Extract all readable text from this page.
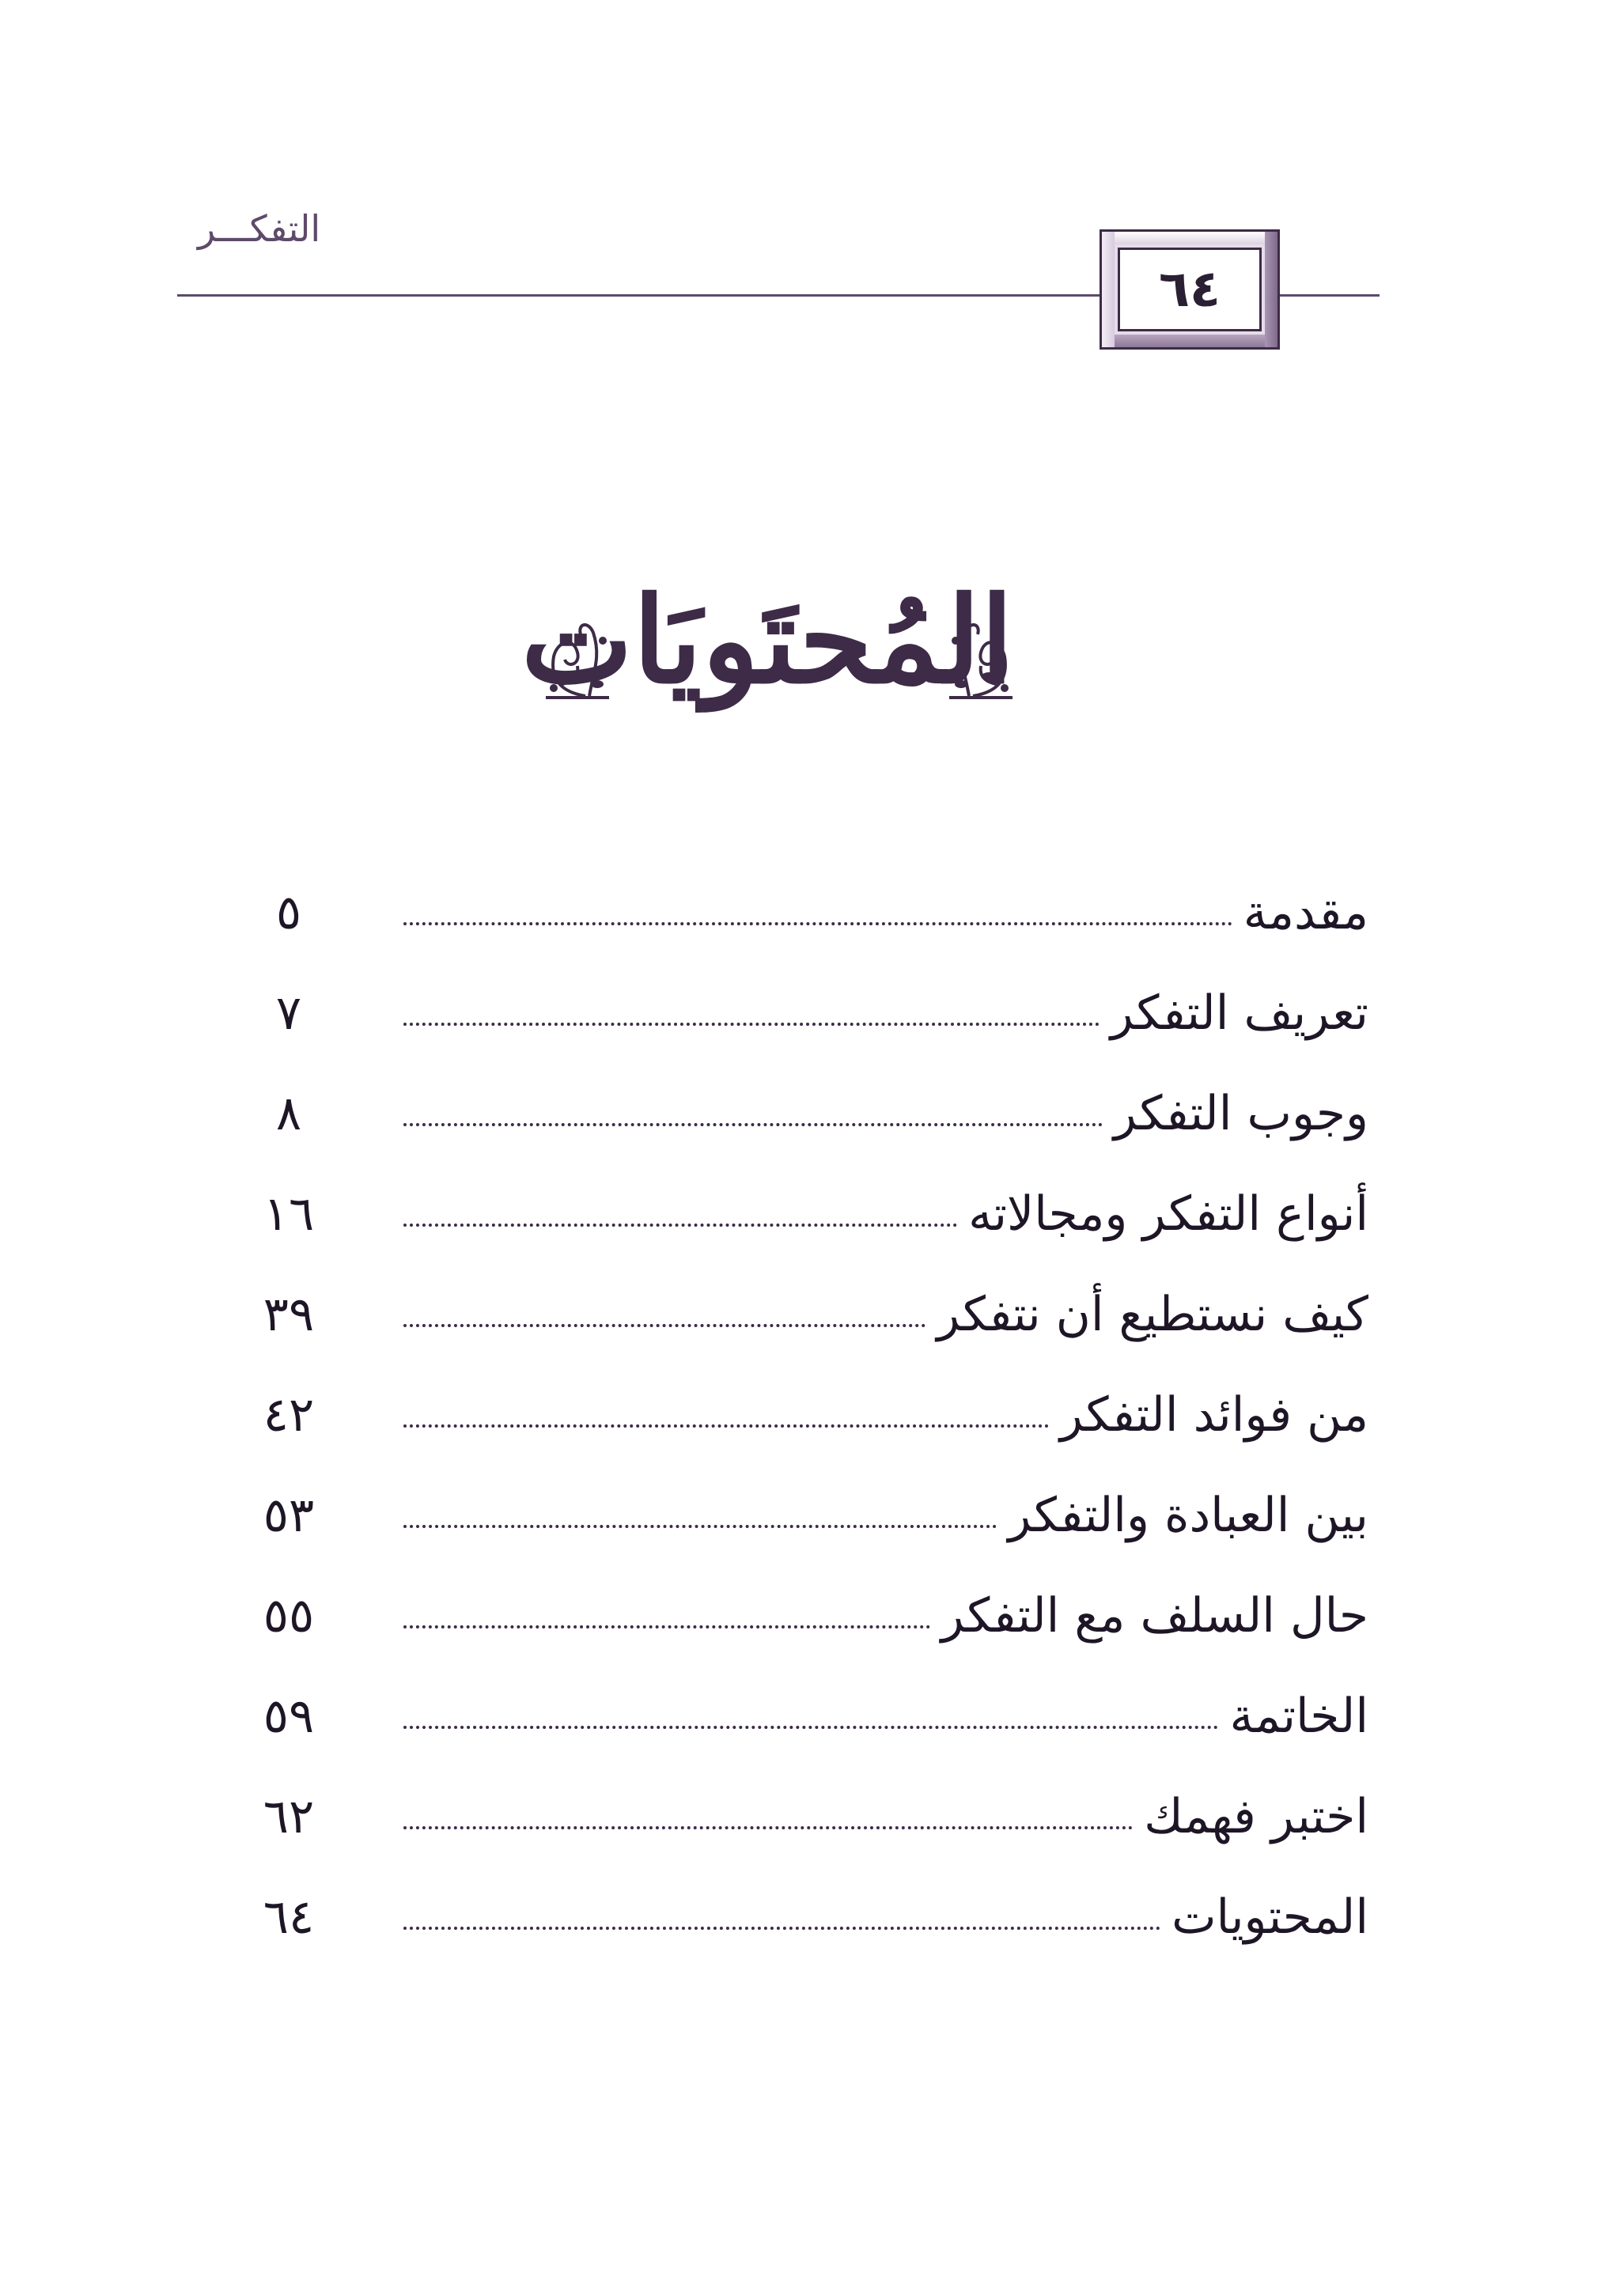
التفكـــر
٦٤
المُحتَويَات
مقدمة
٥
تعريف التفكر
٧
وجوب التفكر
٨
أنواع التفكر ومجالاته
١٦
كيف نستطيع أن نتفكر
٣٩
من فوائد التفكر
٤٢
بين العبادة والتفكر
٥٣
حال السلف مع التفكر
٥٥
الخاتمة
٥٩
اختبر فهمك
٦٢
المحتويات
٦٤
